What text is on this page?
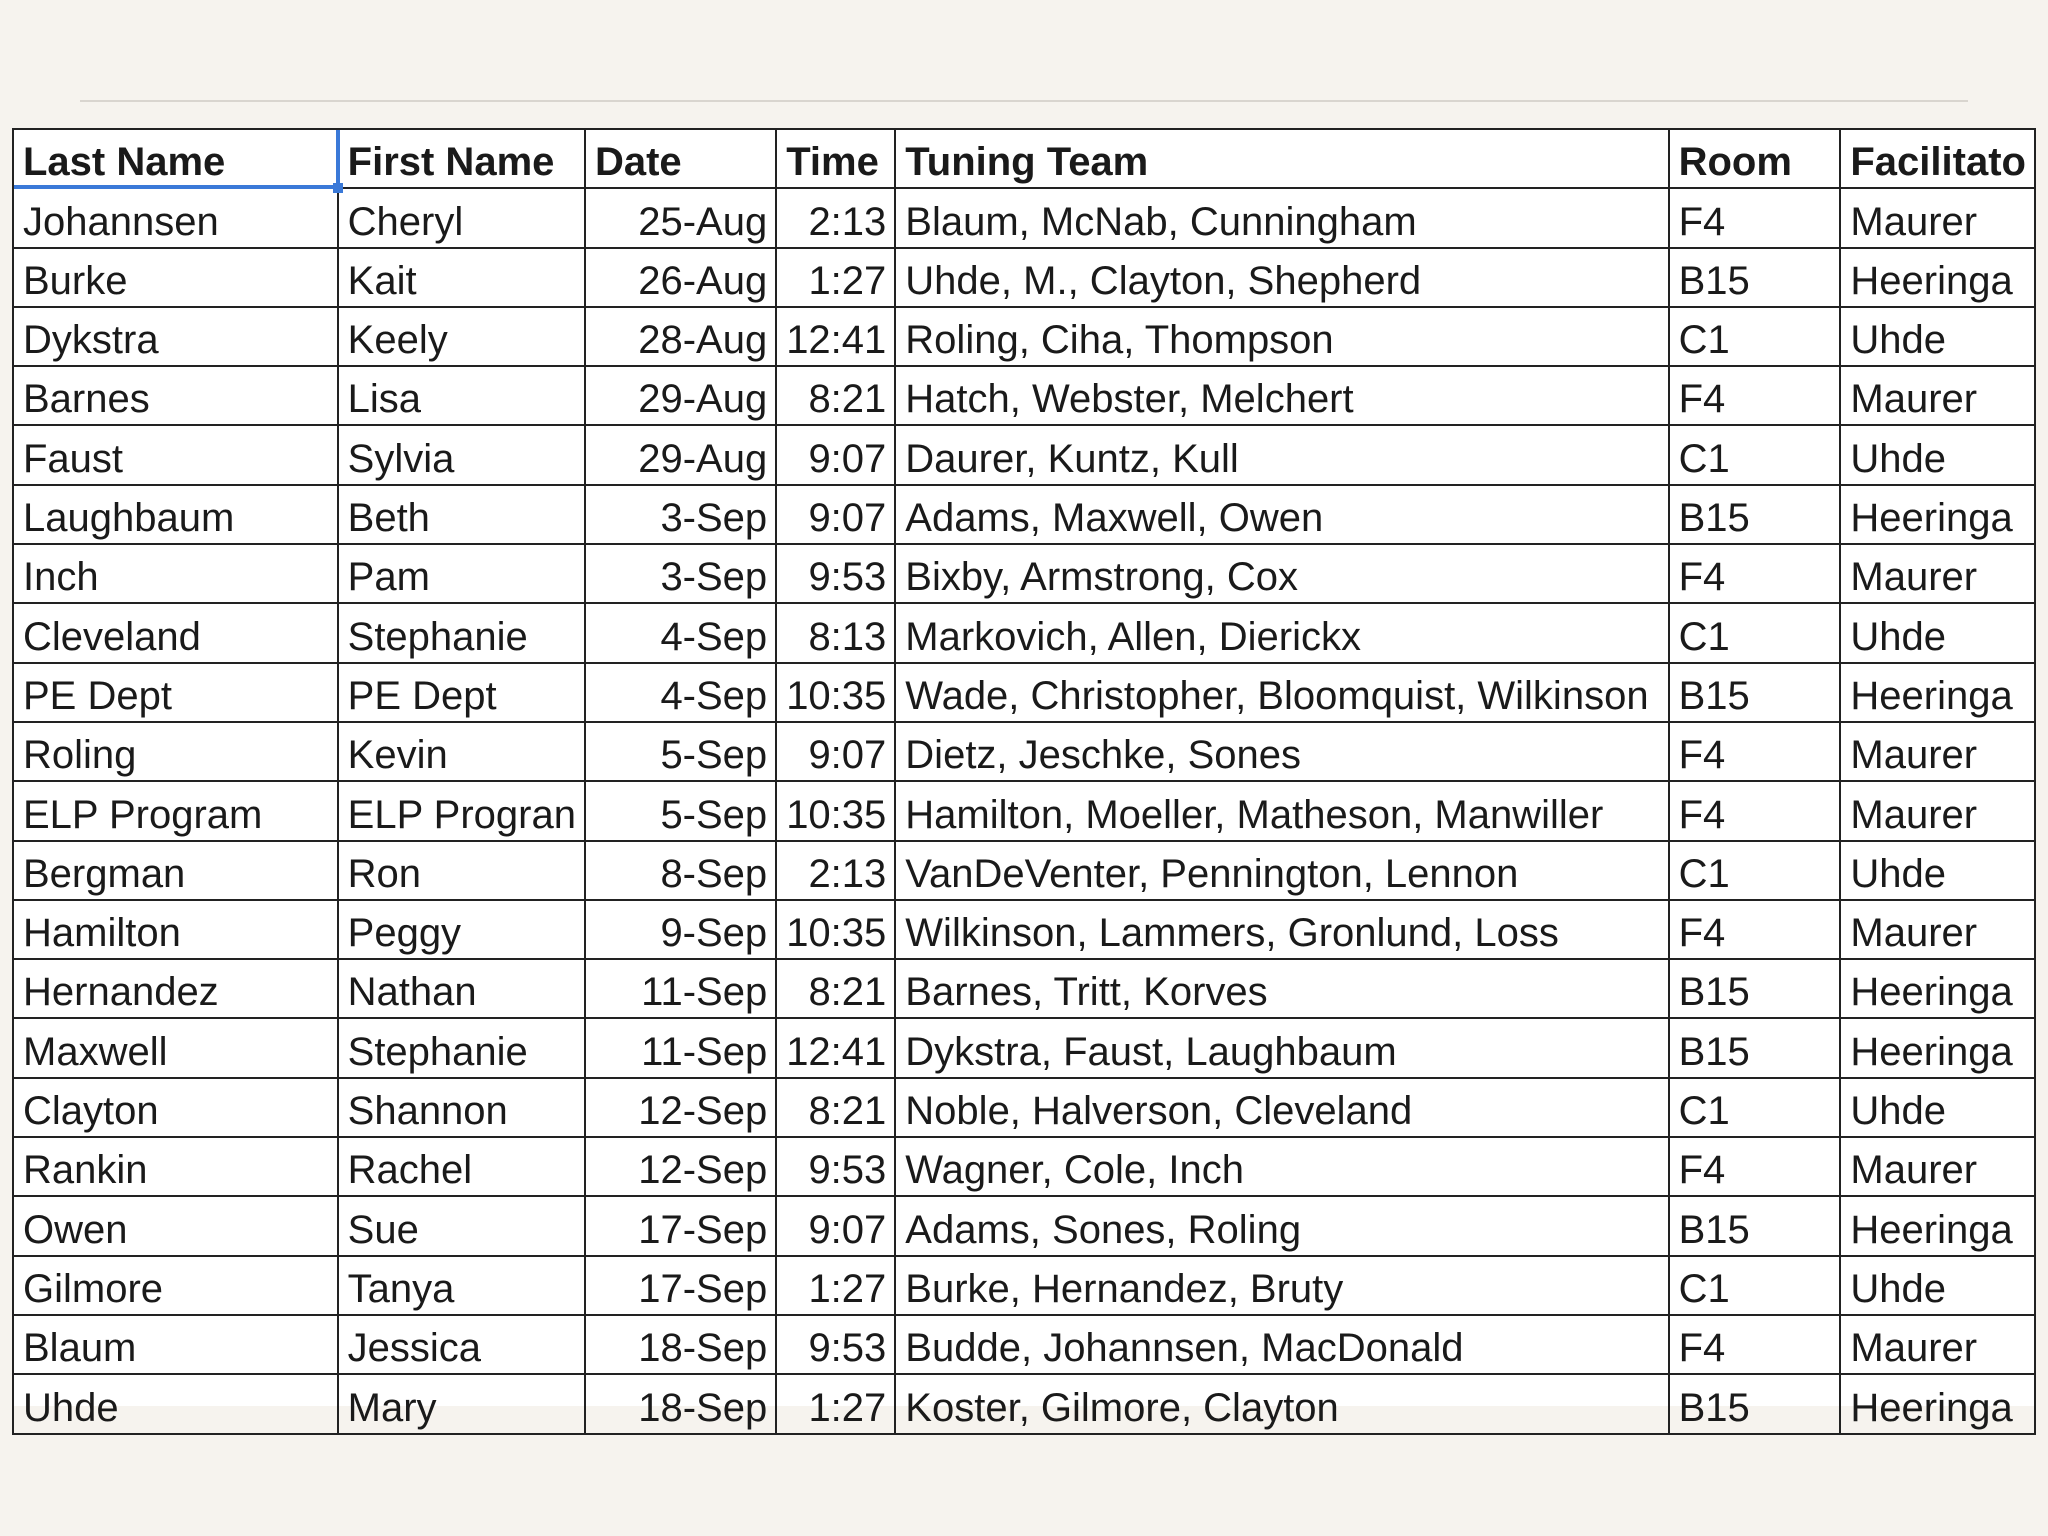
Last Name	First Name	Date	Time	Tuning Team	Room	Facilitato
Johannsen	Cheryl	25-Aug	2:13	Blaum, McNab, Cunningham	F4	Maurer
Burke	Kait	26-Aug	1:27	Uhde, M., Clayton, Shepherd	B15	Heeringa
Dykstra	Keely	28-Aug	12:41	Roling, Ciha, Thompson	C1	Uhde
Barnes	Lisa	29-Aug	8:21	Hatch, Webster, Melchert	F4	Maurer
Faust	Sylvia	29-Aug	9:07	Daurer, Kuntz, Kull	C1	Uhde
Laughbaum	Beth	3-Sep	9:07	Adams, Maxwell, Owen	B15	Heeringa
Inch	Pam	3-Sep	9:53	Bixby, Armstrong, Cox	F4	Maurer
Cleveland	Stephanie	4-Sep	8:13	Markovich, Allen, Dierickx	C1	Uhde
PE Dept	PE Dept	4-Sep	10:35	Wade, Christopher, Bloomquist, Wilkinson	B15	Heeringa
Roling	Kevin	5-Sep	9:07	Dietz, Jeschke, Sones	F4	Maurer
ELP Program	ELP Progran	5-Sep	10:35	Hamilton, Moeller, Matheson, Manwiller	F4	Maurer
Bergman	Ron	8-Sep	2:13	VanDeVenter, Pennington, Lennon	C1	Uhde
Hamilton	Peggy	9-Sep	10:35	Wilkinson, Lammers, Gronlund, Loss	F4	Maurer
Hernandez	Nathan	11-Sep	8:21	Barnes, Tritt, Korves	B15	Heeringa
Maxwell	Stephanie	11-Sep	12:41	Dykstra, Faust, Laughbaum	B15	Heeringa
Clayton	Shannon	12-Sep	8:21	Noble, Halverson, Cleveland	C1	Uhde
Rankin	Rachel	12-Sep	9:53	Wagner, Cole, Inch	F4	Maurer
Owen	Sue	17-Sep	9:07	Adams, Sones, Roling	B15	Heeringa
Gilmore	Tanya	17-Sep	1:27	Burke, Hernandez, Bruty	C1	Uhde
Blaum	Jessica	18-Sep	9:53	Budde, Johannsen, MacDonald	F4	Maurer
Uhde	Mary	18-Sep	1:27	Koster, Gilmore, Clayton	B15	Heeringa
